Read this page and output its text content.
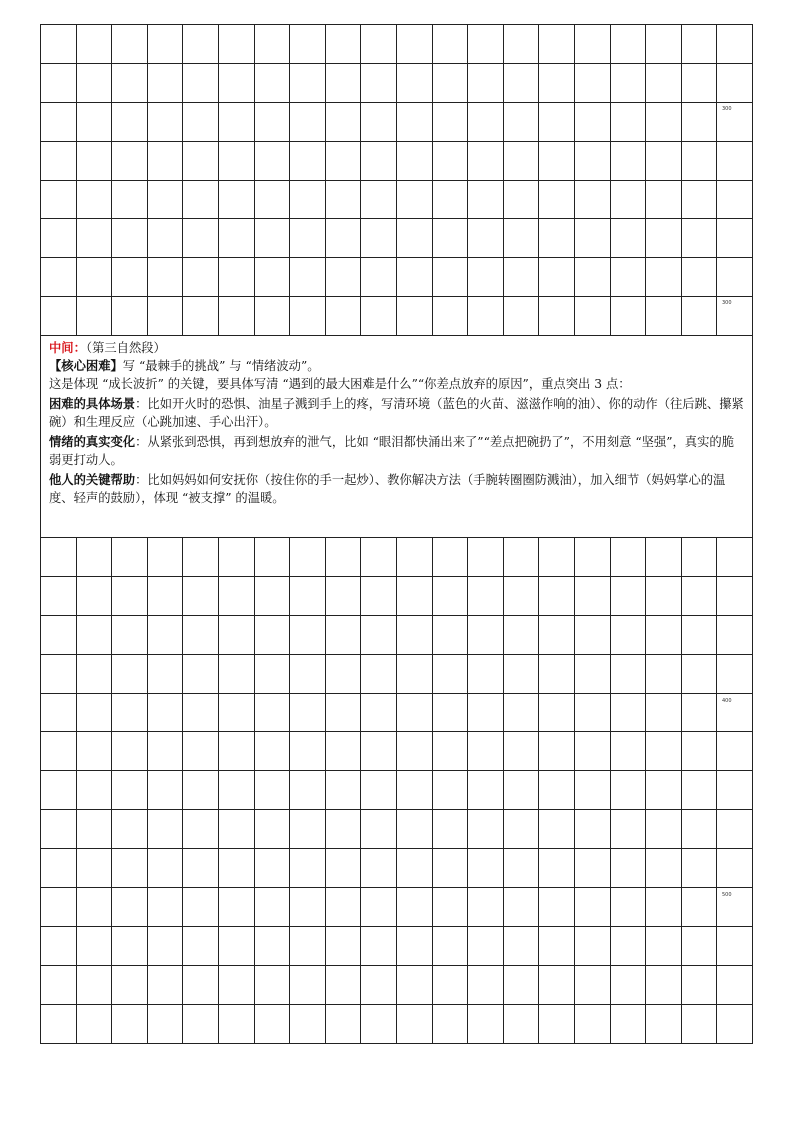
300
300

中间：（第三自然段）

【核心困难】写 “最棘手的挑战” 与 “情绪波动”。

这是体现 “成长波折” 的关键，要具体写清 “遇到的最大困难是什么”“你差点放弃的原因”，重点突出 3 点：

困难的具体场景：比如开火时的恐惧、油星子溅到手上的疼，写清环境（蓝色的火苗、滋滋作响的油）、你的动作（往后跳、攥紧碗）和生理反应（心跳加速、手心出汗）。

情绪的真实变化：从紧张到恐惧，再到想放弃的泄气，比如 “眼泪都快涌出来了”“差点把碗扔了”，不用刻意 “坚强”，真实的脆弱更打动人。

他人的关键帮助：比如妈妈如何安抚你（按住你的手一起炒）、教你解决方法（手腕转圈圈防溅油），加入细节（妈妈掌心的温度、轻声的鼓励），体现 “被支撑” 的温暖。

400
500
